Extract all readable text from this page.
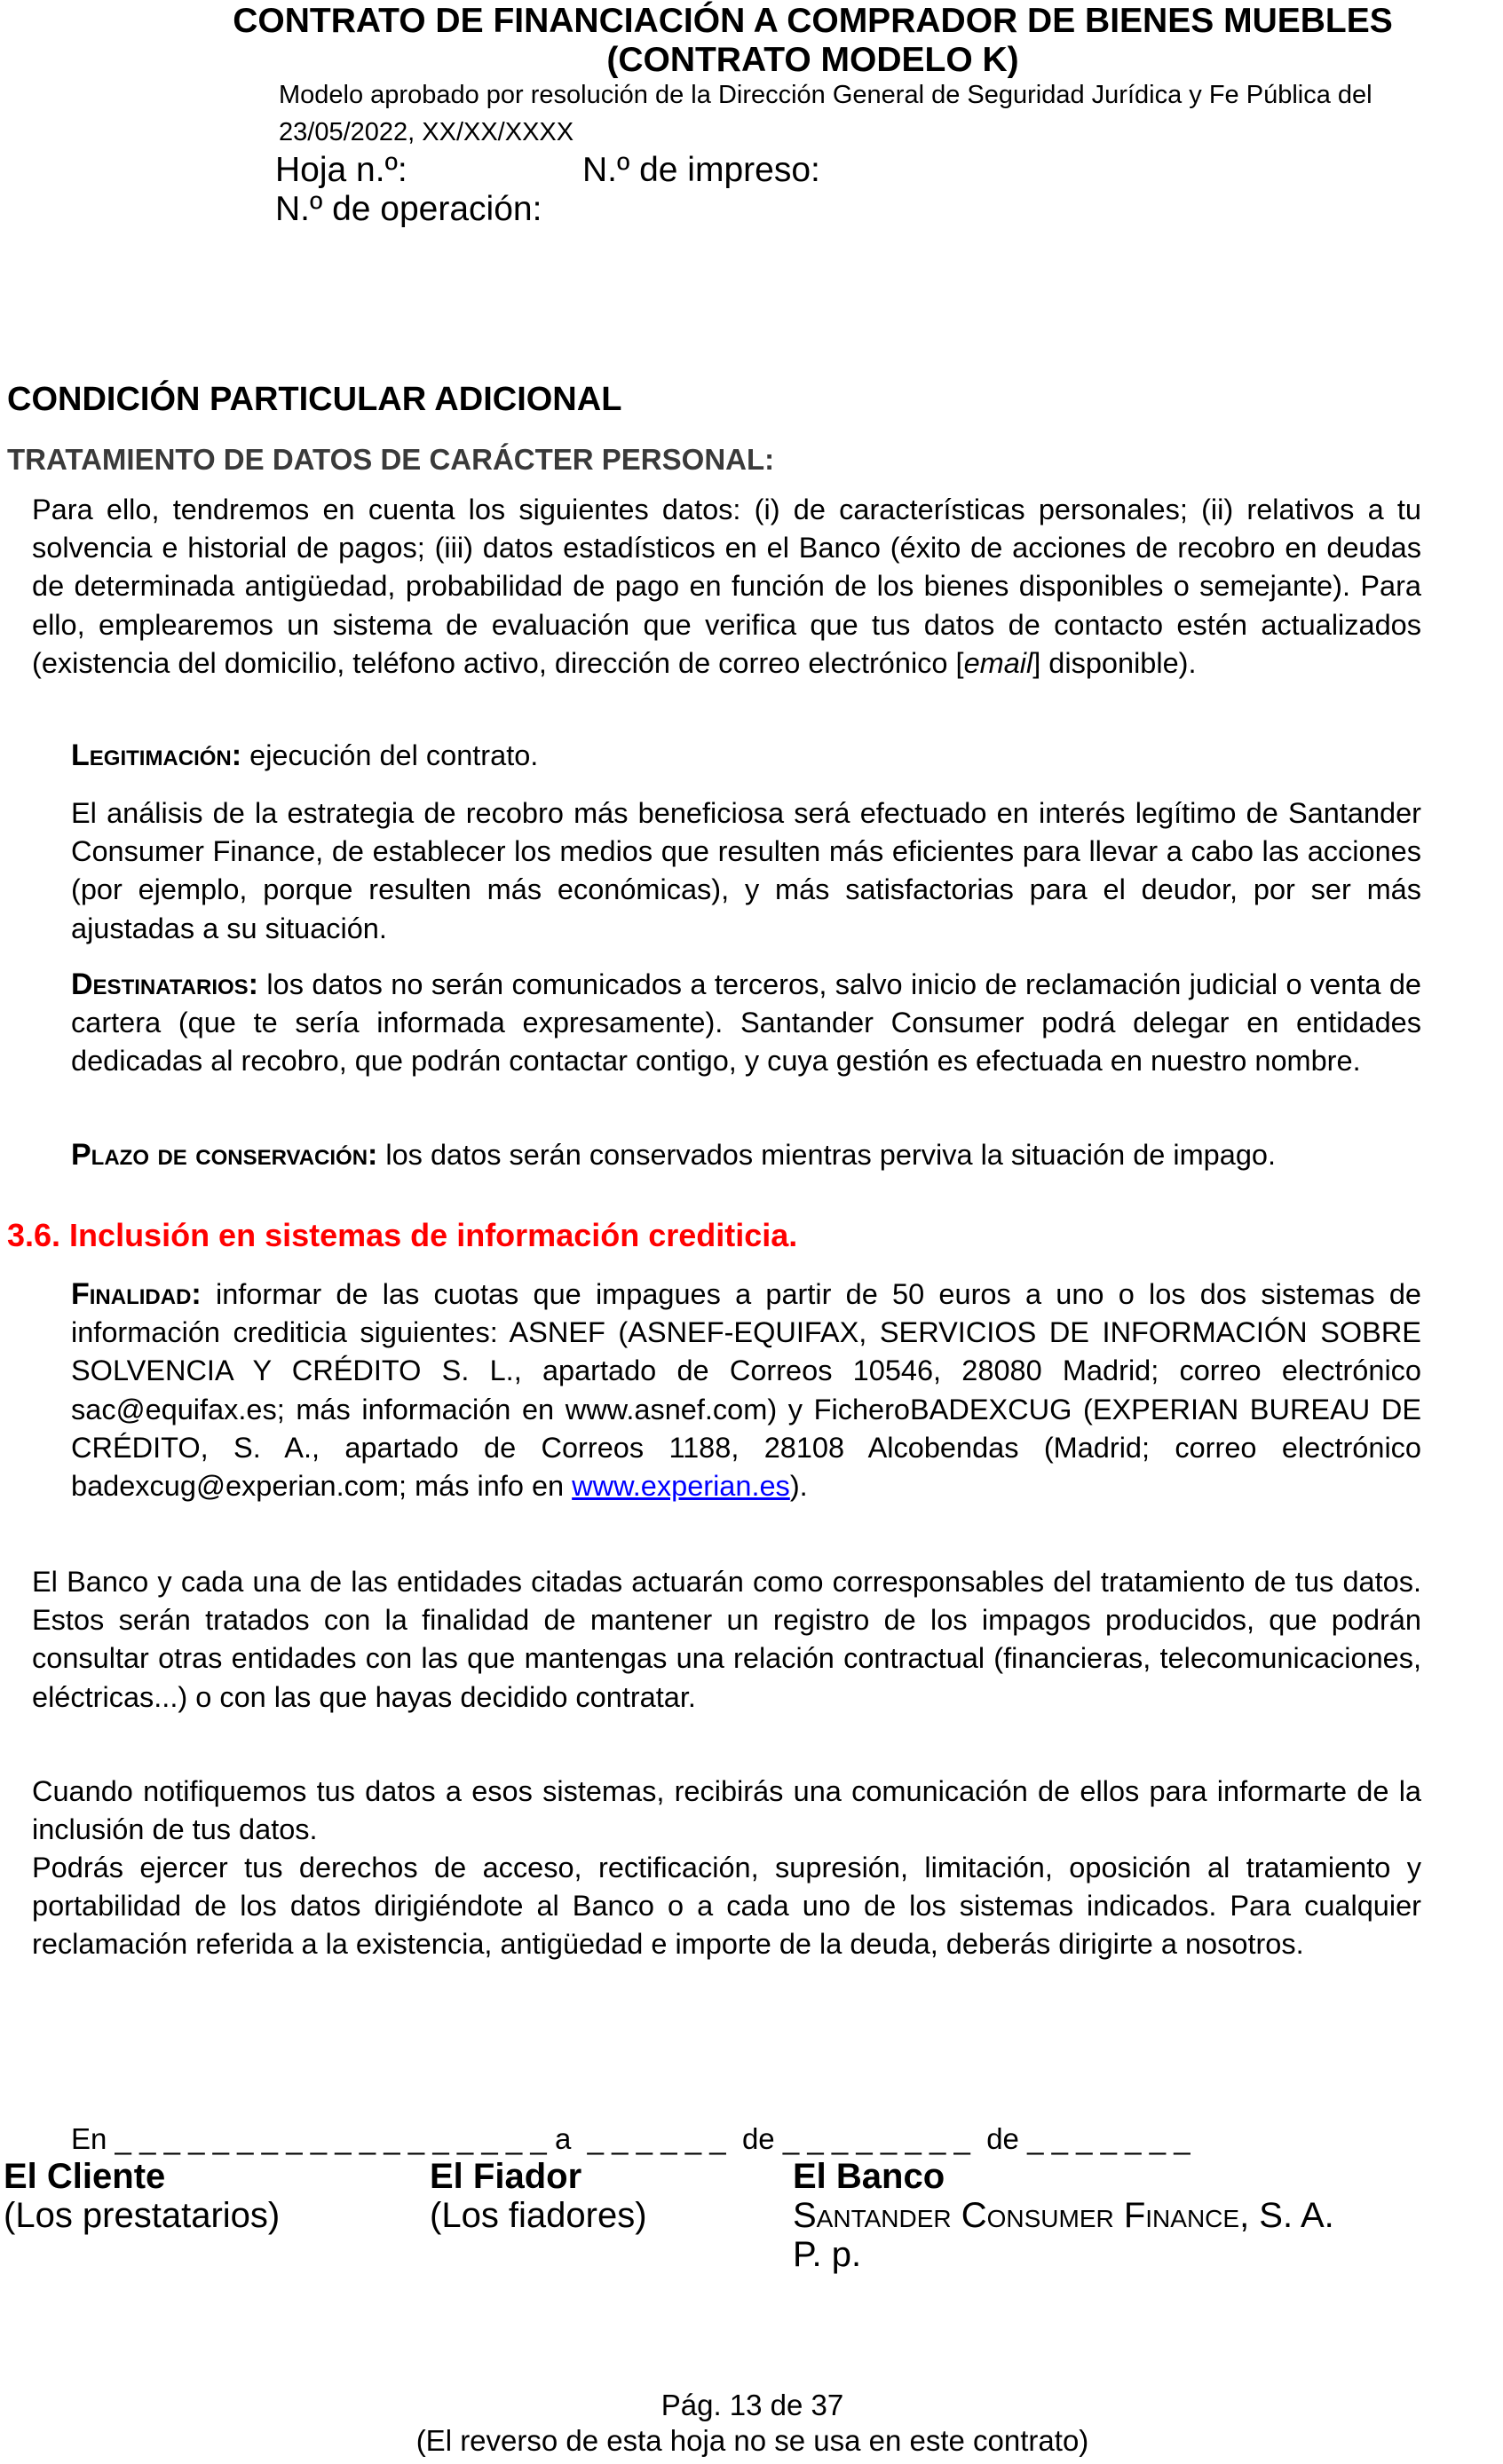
CONTRATO DE FINANCIACIÓN A COMPRADOR DE BIENES MUEBLES
(CONTRATO MODELO K)
Modelo aprobado por resolución de la Dirección General de Seguridad Jurídica y Fe Pública del
23/05/2022, XX/XX/XXXX
Hoja n.º:	N.º de impreso:
N.º de operación:
CONDICIÓN PARTICULAR ADICIONAL
TRATAMIENTO DE DATOS DE CARÁCTER PERSONAL:
Para ello, tendremos en cuenta los siguientes datos: (i) de características personales; (ii) relativos a tu solvencia e historial de pagos; (iii) datos estadísticos en el Banco (éxito de acciones de recobro en deudas de determinada antigüedad, probabilidad de pago en función de los bienes disponibles o semejante). Para ello, emplearemos un sistema de evaluación que verifica que tus datos de contacto estén actualizados (existencia del domicilio, teléfono activo, dirección de correo electrónico [email] disponible).
Legitimación: ejecución del contrato.
El análisis de la estrategia de recobro más beneficiosa será efectuado en interés legítimo de Santander Consumer Finance, de establecer los medios que resulten más eficientes para llevar a cabo las acciones (por ejemplo, porque resulten más económicas), y más satisfactorias para el deudor, por ser más ajustadas a su situación.
Destinatarios: los datos no serán comunicados a terceros, salvo inicio de reclamación judicial o venta de cartera (que te sería informada expresamente). Santander Consumer podrá delegar en entidades dedicadas al recobro, que podrán contactar contigo, y cuya gestión es efectuada en nuestro nombre.
Plazo de conservación: los datos serán conservados mientras perviva la situación de impago.
3.6. Inclusión en sistemas de información crediticia.
Finalidad: informar de las cuotas que impagues a partir de 50 euros a uno o los dos sistemas de información crediticia siguientes: ASNEF (ASNEF-EQUIFAX, SERVICIOS DE INFORMACIÓN SOBRE SOLVENCIA Y CRÉDITO S. L., apartado de Correos 10546, 28080 Madrid; correo electrónico sac@equifax.es; más información en www.asnef.com) y FicheroBADEXCUG (EXPERIAN BUREAU DE CRÉDITO, S. A., apartado de Correos 1188, 28108 Alcobendas (Madrid; correo electrónico badexcug@experian.com; más info en www.experian.es).
El Banco y cada una de las entidades citadas actuarán como corresponsables del tratamiento de tus datos. Estos serán tratados con la finalidad de mantener un registro de los impagos producidos, que podrán consultar otras entidades con las que mantengas una relación contractual (financieras, telecomunicaciones, eléctricas...) o con las que hayas decidido contratar.
Cuando notifiquemos tus datos a esos sistemas, recibirás una comunicación de ellos para informarte de la inclusión de tus datos.
Podrás ejercer tus derechos de acceso, rectificación, supresión, limitación, oposición al tratamiento y portabilidad de los datos dirigiéndote al Banco o a cada uno de los sistemas indicados. Para cualquier reclamación referida a la existencia, antigüedad e importe de la deuda, deberás dirigirte a nosotros.
En _ _ _ _ _ _ _ _ _ _ _ _ _ _ _ _ _ _ a _ _ _ _ _ _ de _ _ _ _ _ _ _ _ de _ _ _ _ _ _ _
El Cliente
(Los prestatarios)
El Fiador
(Los fiadores)
El Banco
Santander Consumer Finance, S. A.
P. p.
Pág. 13 de 37
(El reverso de esta hoja no se usa en este contrato)
